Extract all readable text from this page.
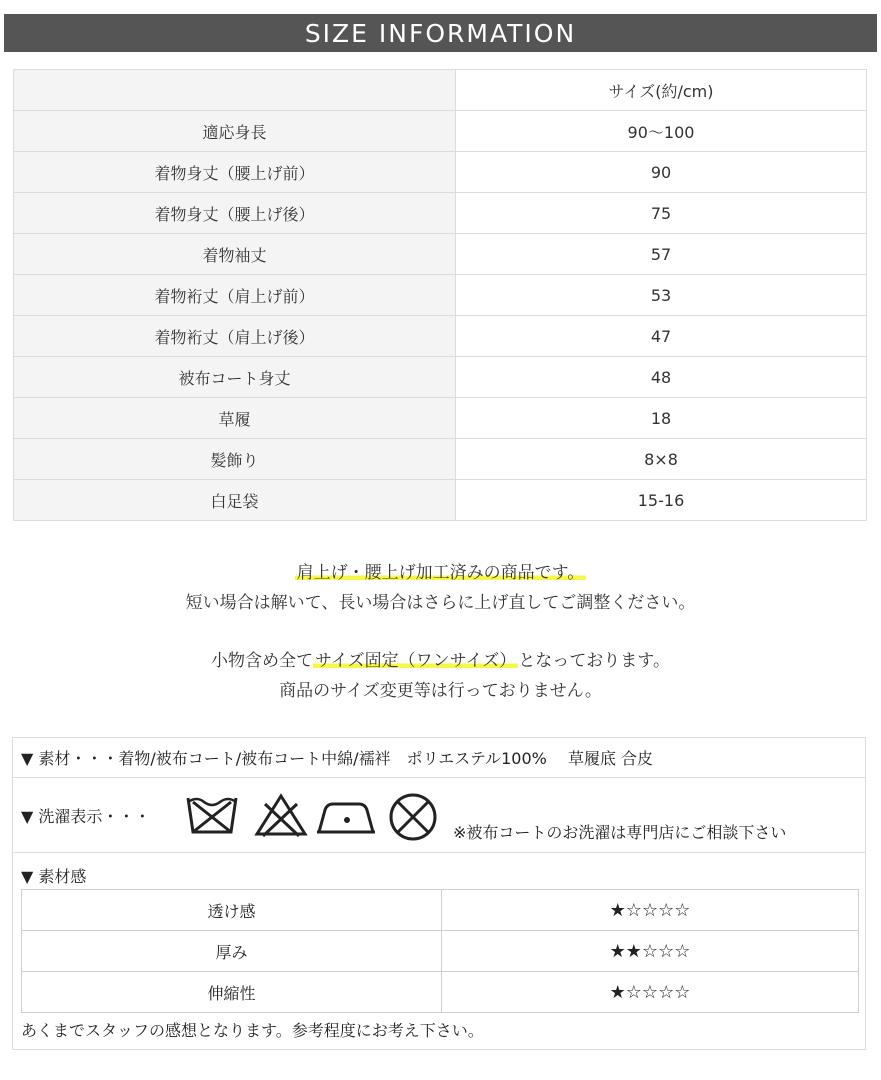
SIZE INFORMATION
	サイズ(約/cm)
適応身長	90〜100
着物身丈（腰上げ前）	90
着物身丈（腰上げ後）	75
着物袖丈	57
着物裄丈（肩上げ前）	53
着物裄丈（肩上げ後）	47
被布コート身丈	48
草履	18
髪飾り	8×8
白足袋	15-16
肩上げ・腰上げ加工済みの商品です。
短い場合は解いて、長い場合はさらに上げ直してご調整ください。
小物含め全て サイズ固定（ワンサイズ） となっております。
商品のサイズ変更等は行っておりません。
▼ 素材・・・着物/被布コート/被布コート中綿/襦袢　ポリエステル100%　 草履底 合皮
▼ 洗濯表示・・・
※被布コートのお洗濯は専門店にご相談下さい
▼ 素材感
透け感	★☆☆☆☆
厚み	★★☆☆☆
伸縮性	★☆☆☆☆
あくまでスタッフの感想となります。参考程度にお考え下さい。
